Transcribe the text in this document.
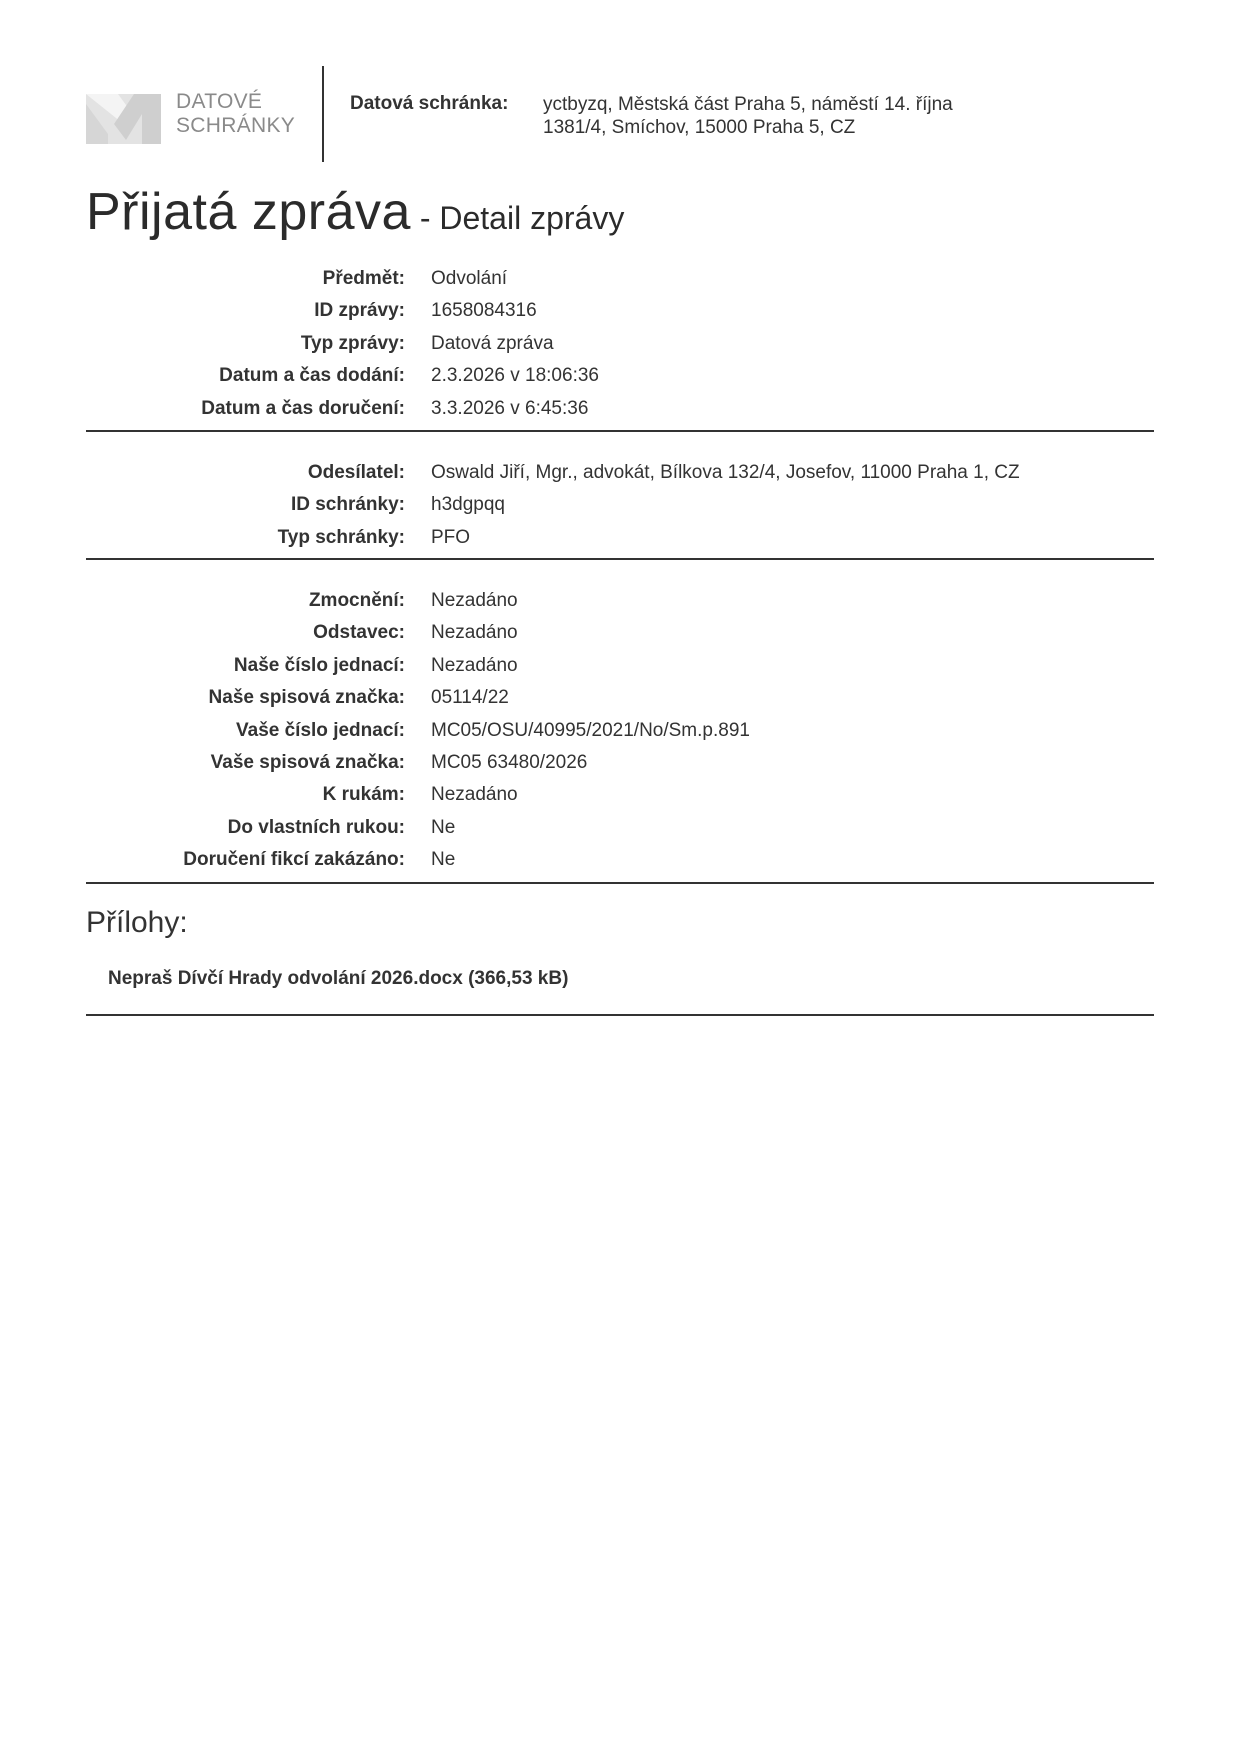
DATOVÉ
SCHRÁNKY
Datová schránka: yctbyzq, Městská část Praha 5, náměstí 14. října
1381/4, Smíchov, 15000 Praha 5, CZ
Přijatá zpráva - Detail zprávy
Předmět: Odvolání
ID zprávy: 1658084316
Typ zprávy: Datová zpráva
Datum a čas dodání: 2.3.2026 v 18:06:36
Datum a čas doručení: 3.3.2026 v 6:45:36
Odesílatel: Oswald Jiří, Mgr., advokát, Bílkova 132/4, Josefov, 11000 Praha 1, CZ
ID schránky: h3dgpqq
Typ schránky: PFO
Zmocnění: Nezadáno
Odstavec: Nezadáno
Naše číslo jednací: Nezadáno
Naše spisová značka: 05114/22
Vaše číslo jednací: MC05/OSU/40995/2021/No/Sm.p.891
Vaše spisová značka: MC05 63480/2026
K rukám: Nezadáno
Do vlastních rukou: Ne
Doručení fikcí zakázáno: Ne
Přílohy:
Nepraš Dívčí Hrady odvolání 2026.docx (366,53 kB)
